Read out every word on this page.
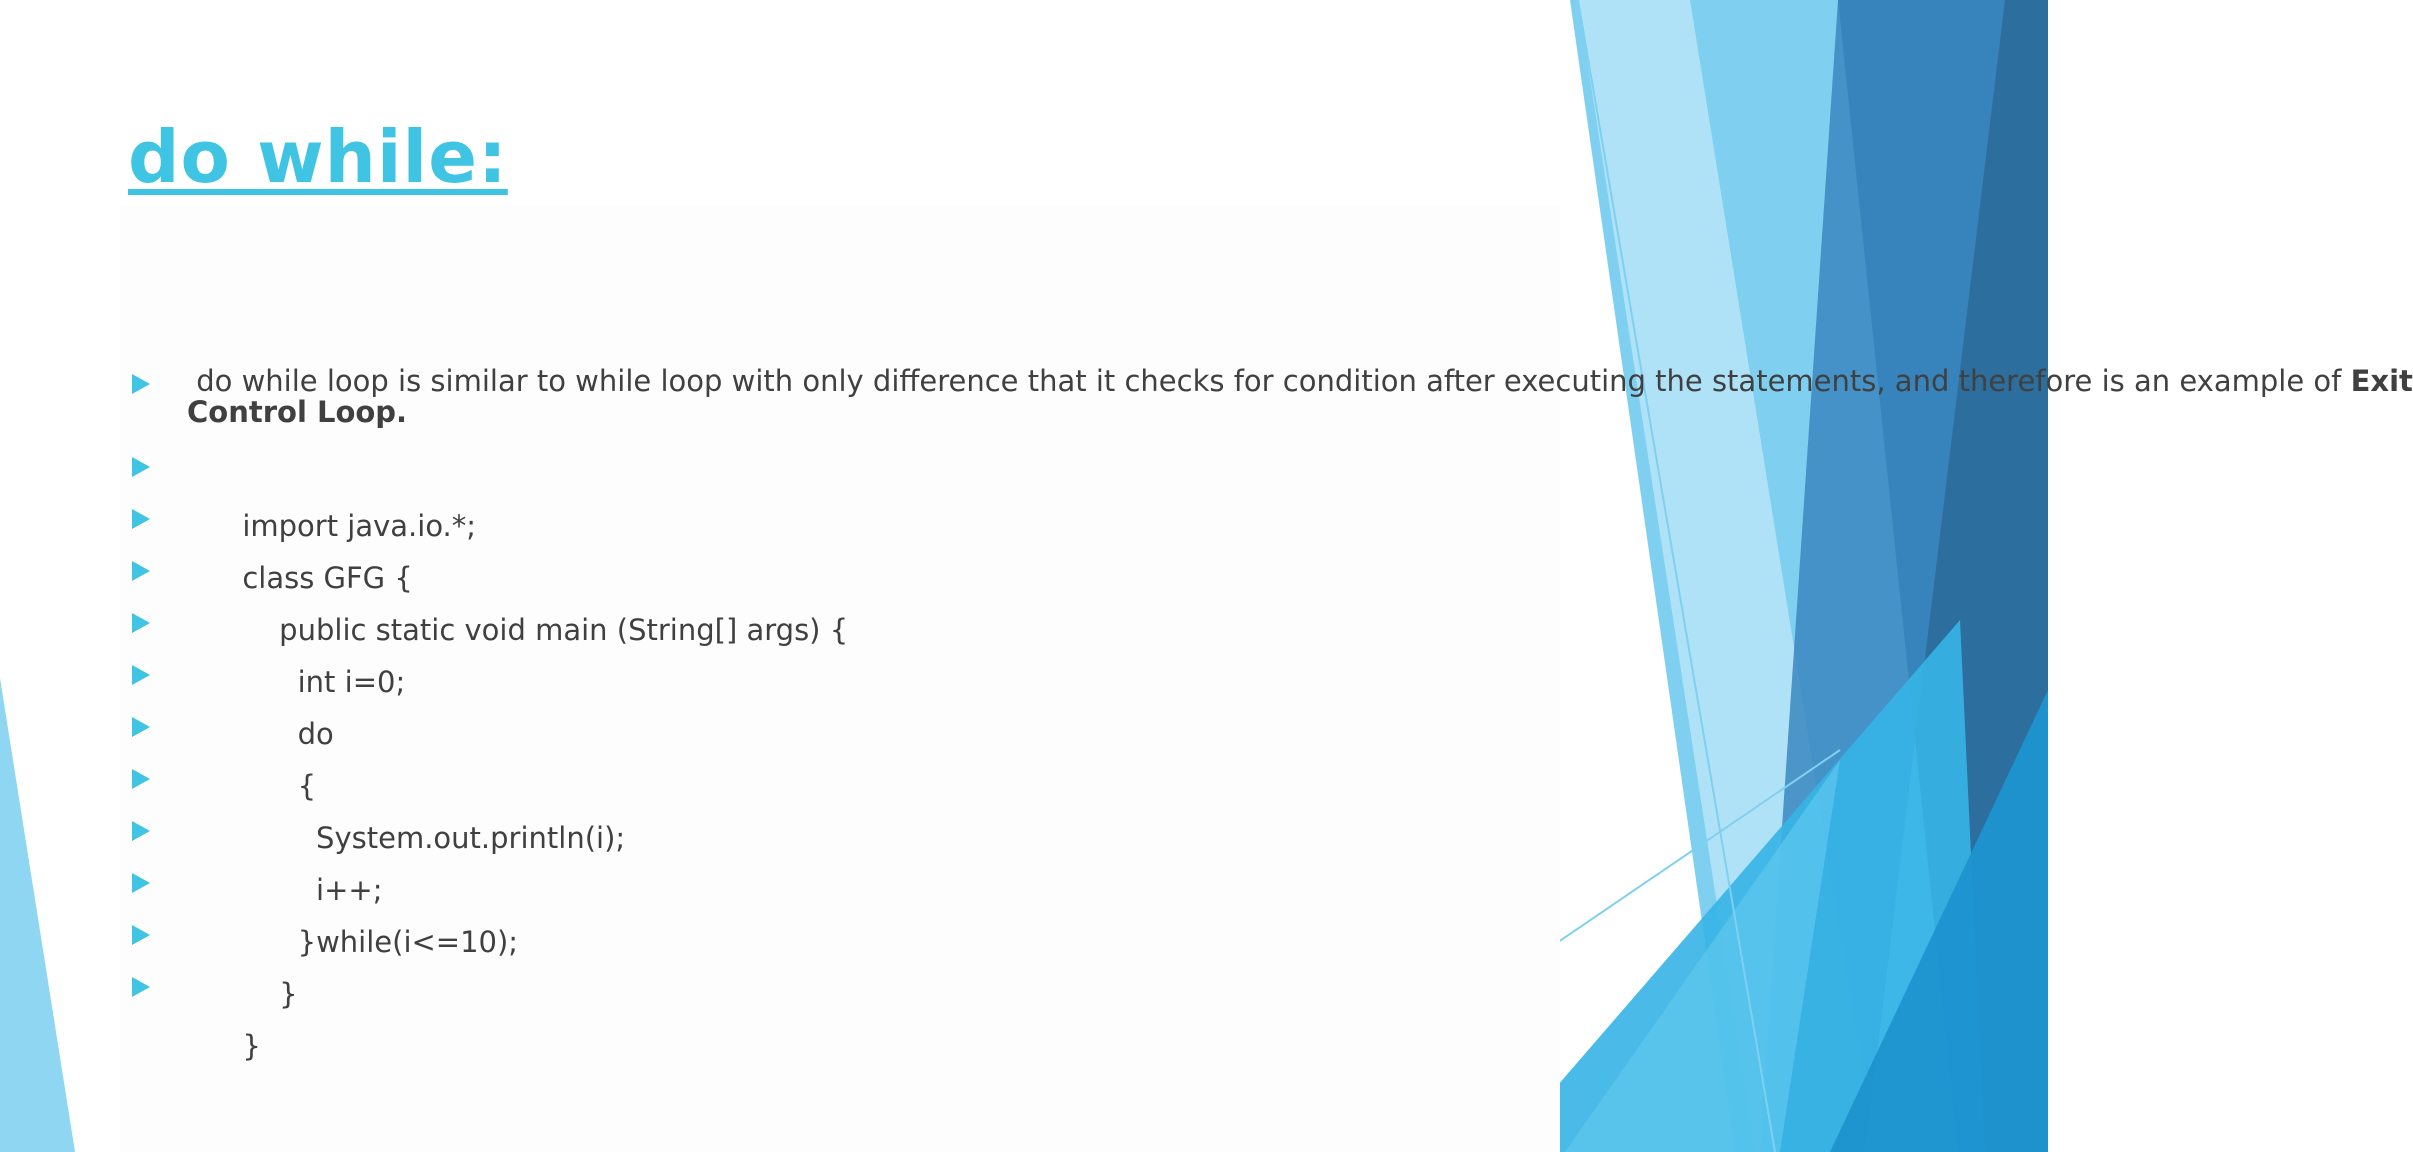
do while:
do while loop is similar to while loop with only difference that it checks for condition after executing the statements, and therefore is an example of Exit Control Loop.

import java.io.*;

class GFG {

public static void main (String[] args) {

int i=0;

do

{

System.out.println(i);

i++;

}while(i<=10);

}

}
